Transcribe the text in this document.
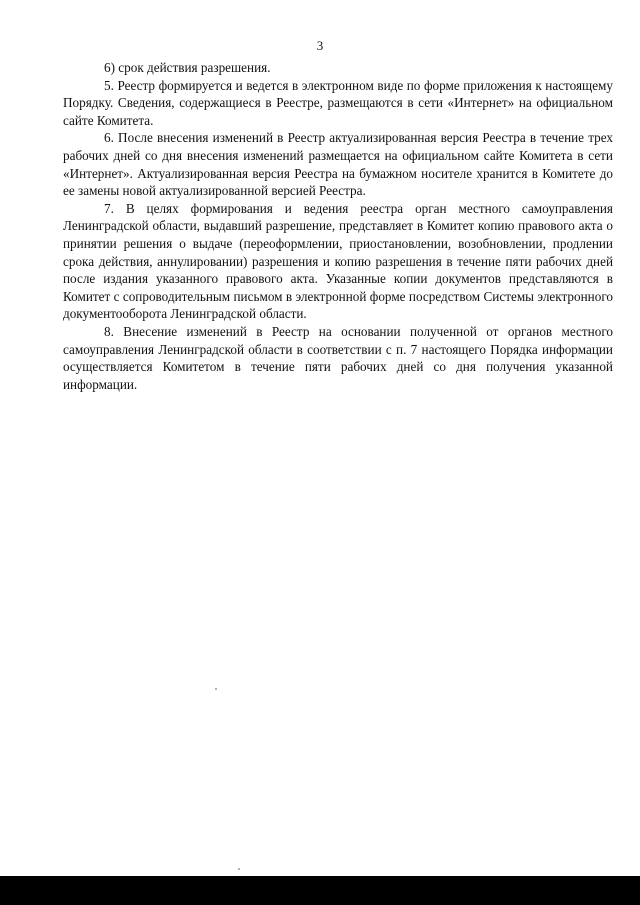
3

6) срок действия разрешения.

5. Реестр формируется и ведется в электронном виде по форме приложения к настоящему Порядку. Сведения, содержащиеся в Реестре, размещаются в сети «Интернет» на официальном сайте Комитета.

6. После внесения изменений в Реестр актуализированная версия Реестра в течение трех рабочих дней со дня внесения изменений размещается на официальном сайте Комитета в сети «Интернет». Актуализированная версия Реестра на бумажном носителе хранится в Комитете до ее замены новой актуализированной версией Реестра.

7. В целях формирования и ведения реестра орган местного самоуправления Ленинградской области, выдавший разрешение, представляет в Комитет копию правового акта о принятии решения о выдаче (переоформлении, приостановлении, возобновлении, продлении срока действия, аннулировании) разрешения и копию разрешения в течение пяти рабочих дней после издания указанного правового акта. Указанные копии документов представляются в Комитет с сопроводительным письмом в электронной форме посредством Системы электронного документооборота Ленинградской области.

8. Внесение изменений в Реестр на основании полученной от органов местного самоуправления Ленинградской области в соответствии с п. 7 настоящего Порядка информации осуществляется Комитетом в течение пяти рабочих дней со дня получения указанной информации.
